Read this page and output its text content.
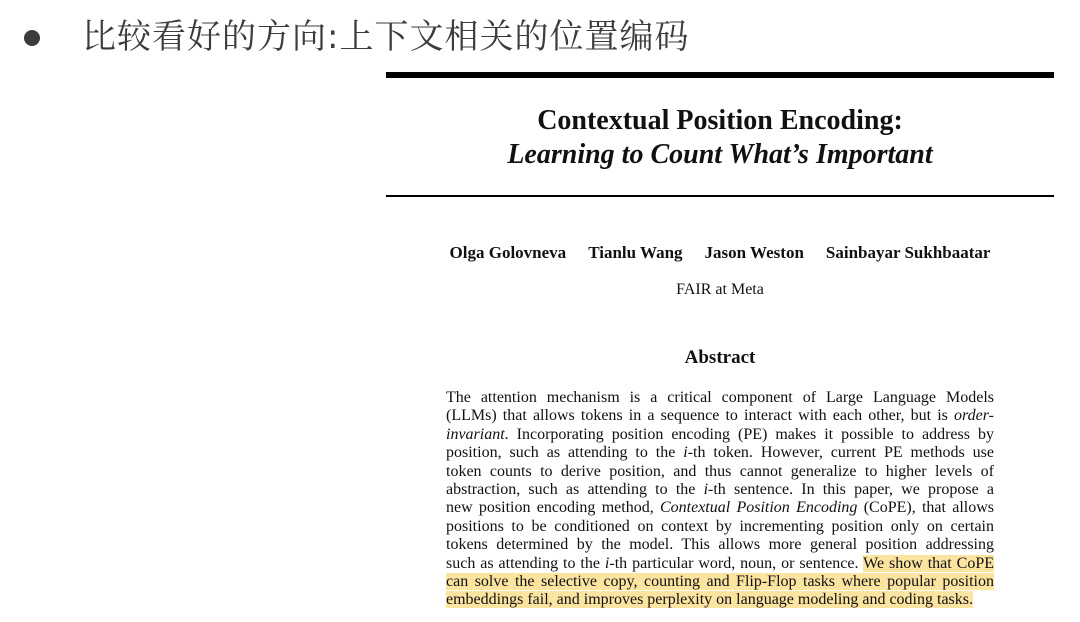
比较看好的方向:上下文相关的位置编码
Contextual Position Encoding:
Learning to Count What’s Important
Olga Golovneva Tianlu Wang Jason Weston Sainbayar Sukhbaatar
FAIR at Meta
Abstract
The attention mechanism is a critical component of Large Language Models
(LLMs) that allows tokens in a sequence to interact with each other, but is order-
invariant. Incorporating position encoding (PE) makes it possible to address by
position, such as attending to the i-th token. However, current PE methods use
token counts to derive position, and thus cannot generalize to higher levels of
abstraction, such as attending to the i-th sentence. In this paper, we propose a
new position encoding method, Contextual Position Encoding (CoPE), that allows
positions to be conditioned on context by incrementing position only on certain
tokens determined by the model. This allows more general position addressing
such as attending to the i-th particular word, noun, or sentence. We show that CoPE
can solve the selective copy, counting and Flip-Flop tasks where popular position
embeddings fail, and improves perplexity on language modeling and coding tasks.
